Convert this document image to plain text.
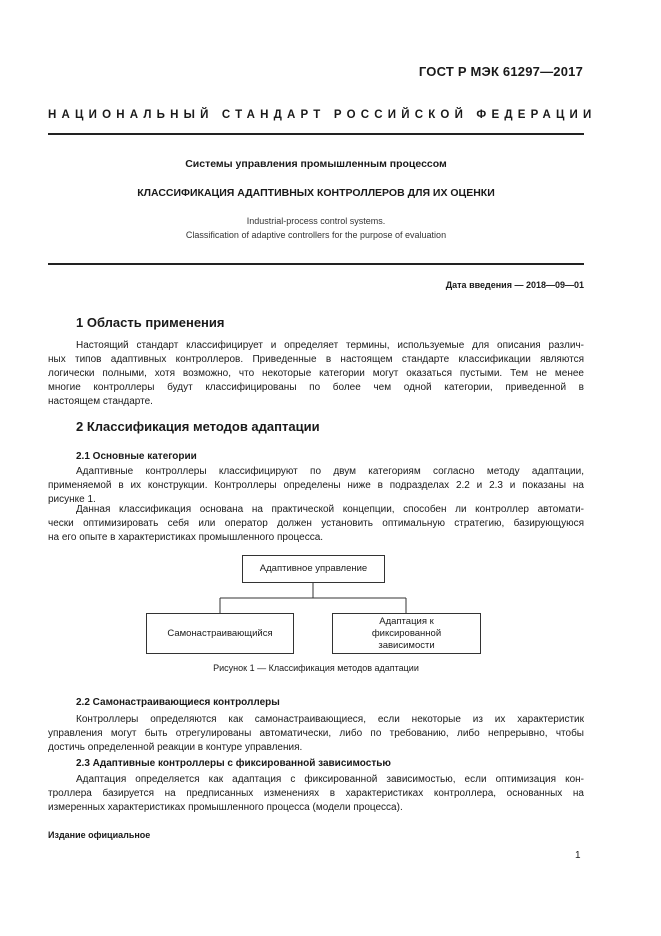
ГОСТ Р МЭК 61297—2017
НАЦИОНАЛЬНЫЙ СТАНДАРТ РОССИЙСКОЙ ФЕДЕРАЦИИ
Системы управления промышленным процессом
КЛАССИФИКАЦИЯ АДАПТИВНЫХ КОНТРОЛЛЕРОВ ДЛЯ ИХ ОЦЕНКИ
Industrial-process control systems.
Classification of adaptive controllers for the purpose of evaluation
Дата введения — 2018—09—01
1 Область применения
Настоящий стандарт классифицирует и определяет термины, используемые для описания различ-
ных типов адаптивных контроллеров. Приведенные в настоящем стандарте классификации являются
логически полными, хотя возможно, что некоторые категории могут оказаться пустыми. Тем не менее
многие контроллеры будут классифицированы по более чем одной категории, приведенной в
настоящем стандарте.
2 Классификация методов адаптации
2.1 Основные категории
Адаптивные контроллеры классифицируют по двум категориям согласно методу адаптации,
применяемой в их конструкции. Контроллеры определены ниже в подразделах 2.2 и 2.3 и показаны на
рисунке 1.
Данная классификация основана на практической концепции, способен ли контроллер автомати-
чески оптимизировать себя или оператор должен установить оптимальную стратегию, базирующуюся
на его опыте в характеристиках промышленного процесса.
Адаптивное управление
Самонастраивающийся
Адаптация к фиксированной зависимости
Рисунок 1 — Классификация методов адаптации
2.2 Самонастраивающиеся контроллеры
Контроллеры определяются как самонастраивающиеся, если некоторые из их характеристик
управления могут быть отрегулированы автоматически, либо по требованию, либо непрерывно, чтобы
достичь определенной реакции в контуре управления.
2.3 Адаптивные контроллеры с фиксированной зависимостью
Адаптация определяется как адаптация с фиксированной зависимостью, если оптимизация кон-
троллера базируется на предписанных изменениях в характеристиках контроллера, основанных на
измеренных характеристиках промышленного процесса (модели процесса).
Издание официальное
1
